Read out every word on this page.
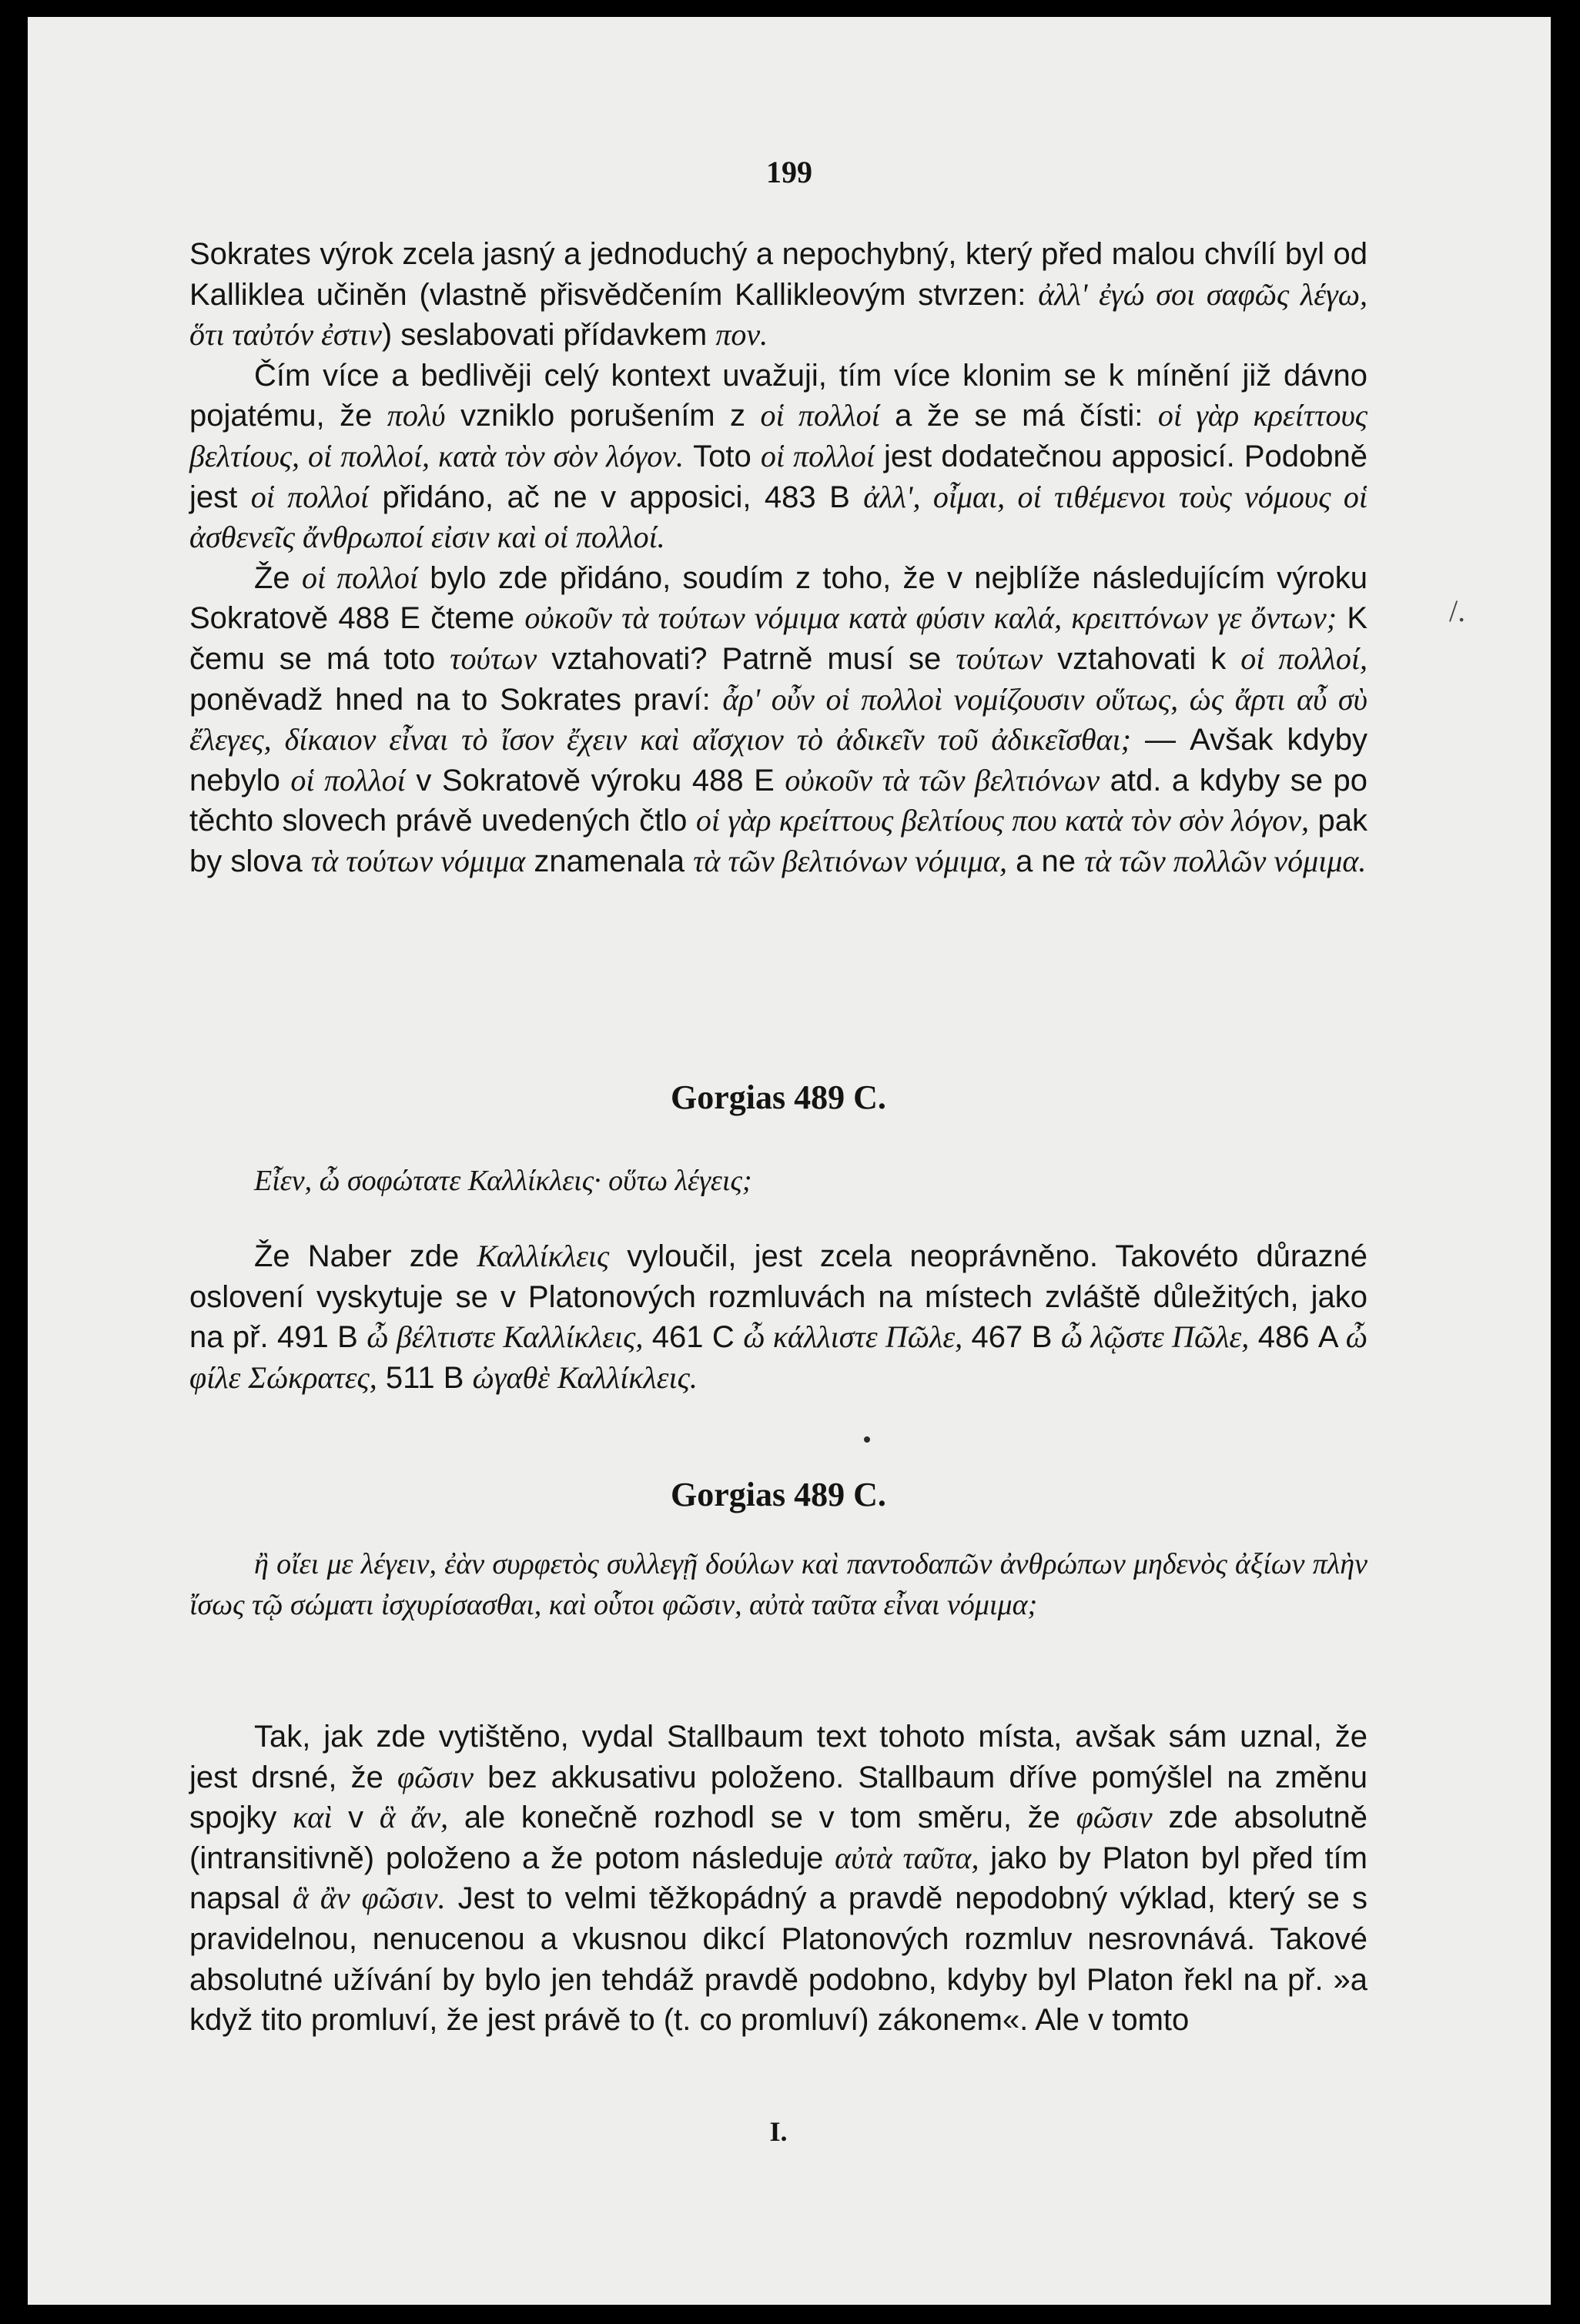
199
/.

Sokrates výrok zcela jasný a jednoduchý a nepochybný, který před malou chvílí byl od Kalliklea učiněn (vlastně přisvědčením Kallikleovým stvrzen: ἀλλ' ἐγώ σοι σαφῶς λέγω, ὅτι ταὐτόν ἐστιν) seslabovati přídavkem πον.

Čím více a bedlivěji celý kontext uvažuji, tím více klonim se k mínění již dávno pojatému, že πολύ vzniklo porušením z οἱ πολλοί a že se má čísti: οἱ γὰρ κρείττους βελτίους, οἱ πολλοί, κατὰ τὸν σὸν λόγον. Toto οἱ πολλοί jest dodatečnou apposicí. Podobně jest οἱ πολλοί přidáno, ač ne v apposici, 483 B ἀλλ', οἶμαι, οἱ τιθέμενοι τοὺς νόμους οἱ ἀσθενεῖς ἄνθρωποί εἰσιν καὶ οἱ πολλοί.

Že οἱ πολλοί bylo zde přidáno, soudím z toho, že v nejblíže následujícím výroku Sokratově 488 E čteme οὐκοῦν τὰ τούτων νόμιμα κατὰ φύσιν καλά, κρειττόνων γε ὄντων; K čemu se má toto τούτων vztahovati? Patrně musí se τούτων vztahovati k οἱ πολλοί, poněvadž hned na to Sokrates praví: ἆρ' οὖν οἱ πολλοὶ νομίζουσιν οὕτως, ὡς ἄρτι αὖ σὺ ἔλεγες, δίκαιον εἶναι τὸ ἴσον ἔχειν καὶ αἴσχιον τὸ ἀδικεῖν τοῦ ἀδικεῖσθαι; — Avšak kdyby nebylo οἱ πολλοί v Sokratově výroku 488 E οὐκοῦν τὰ τῶν βελτιόνων atd. a kdyby se po těchto slovech právě uvedených čtlo οἱ γὰρ κρείττους βελτίους που κατὰ τὸν σὸν λόγον, pak by slova τὰ τούτων νόμιμα znamenala τὰ τῶν βελτιόνων νόμιμα, a ne τὰ τῶν πολλῶν νόμιμα.

Gorgias 489 C.

Εἶεν, ὦ σοφώτατε Καλλίκλεις· οὕτω λέγεις;

Že Naber zde Καλλίκλεις vyloučil, jest zcela neoprávněno. Takovéto důrazné oslovení vyskytuje se v Platonových rozmluvách na místech zvláště důležitých, jako na př. 491 B ὦ βέλτιστε Καλλίκλεις, 461 C ὦ κάλλιστε Πῶλε, 467 B ὦ λῷστε Πῶλε, 486 A ὦ φίλε Σώκρατες, 511 B ὠγαθὲ Καλλίκλεις.

Gorgias 489 C.

ἢ οἴει με λέγειν, ἐὰν συρφετὸς συλλεγῇ δούλων καὶ παντοδαπῶν ἀνθρώπων μηδενὸς ἀξίων πλὴν ἴσως τῷ σώματι ἰσχυρίσασθαι, καὶ οὗτοι φῶσιν, αὐτὰ ταῦτα εἶναι νόμιμα;

Tak, jak zde vytištěno, vydal Stallbaum text tohoto místa, avšak sám uznal, že jest drsné, že φῶσιν bez akkusativu položeno. Stallbaum dříve pomýšlel na změnu spojky καὶ v ἃ ἄν, ale konečně rozhodl se v tom směru, že φῶσιν zde absolutně (intransitivně) položeno a že potom následuje αὐτὰ ταῦτα, jako by Platon byl před tím napsal ἃ ἂν φῶσιν. Jest to velmi těžkopádný a pravdě nepodobný výklad, který se s pravidelnou, nenucenou a vkusnou dikcí Platonových rozmluv nesrovnává. Takové absolutné užívání by bylo jen tehdáž pravdě podobno, kdyby byl Platon řekl na př. »a když tito promluví, že jest právě to (t. co promluví) zákonem«. Ale v tomto

I.
